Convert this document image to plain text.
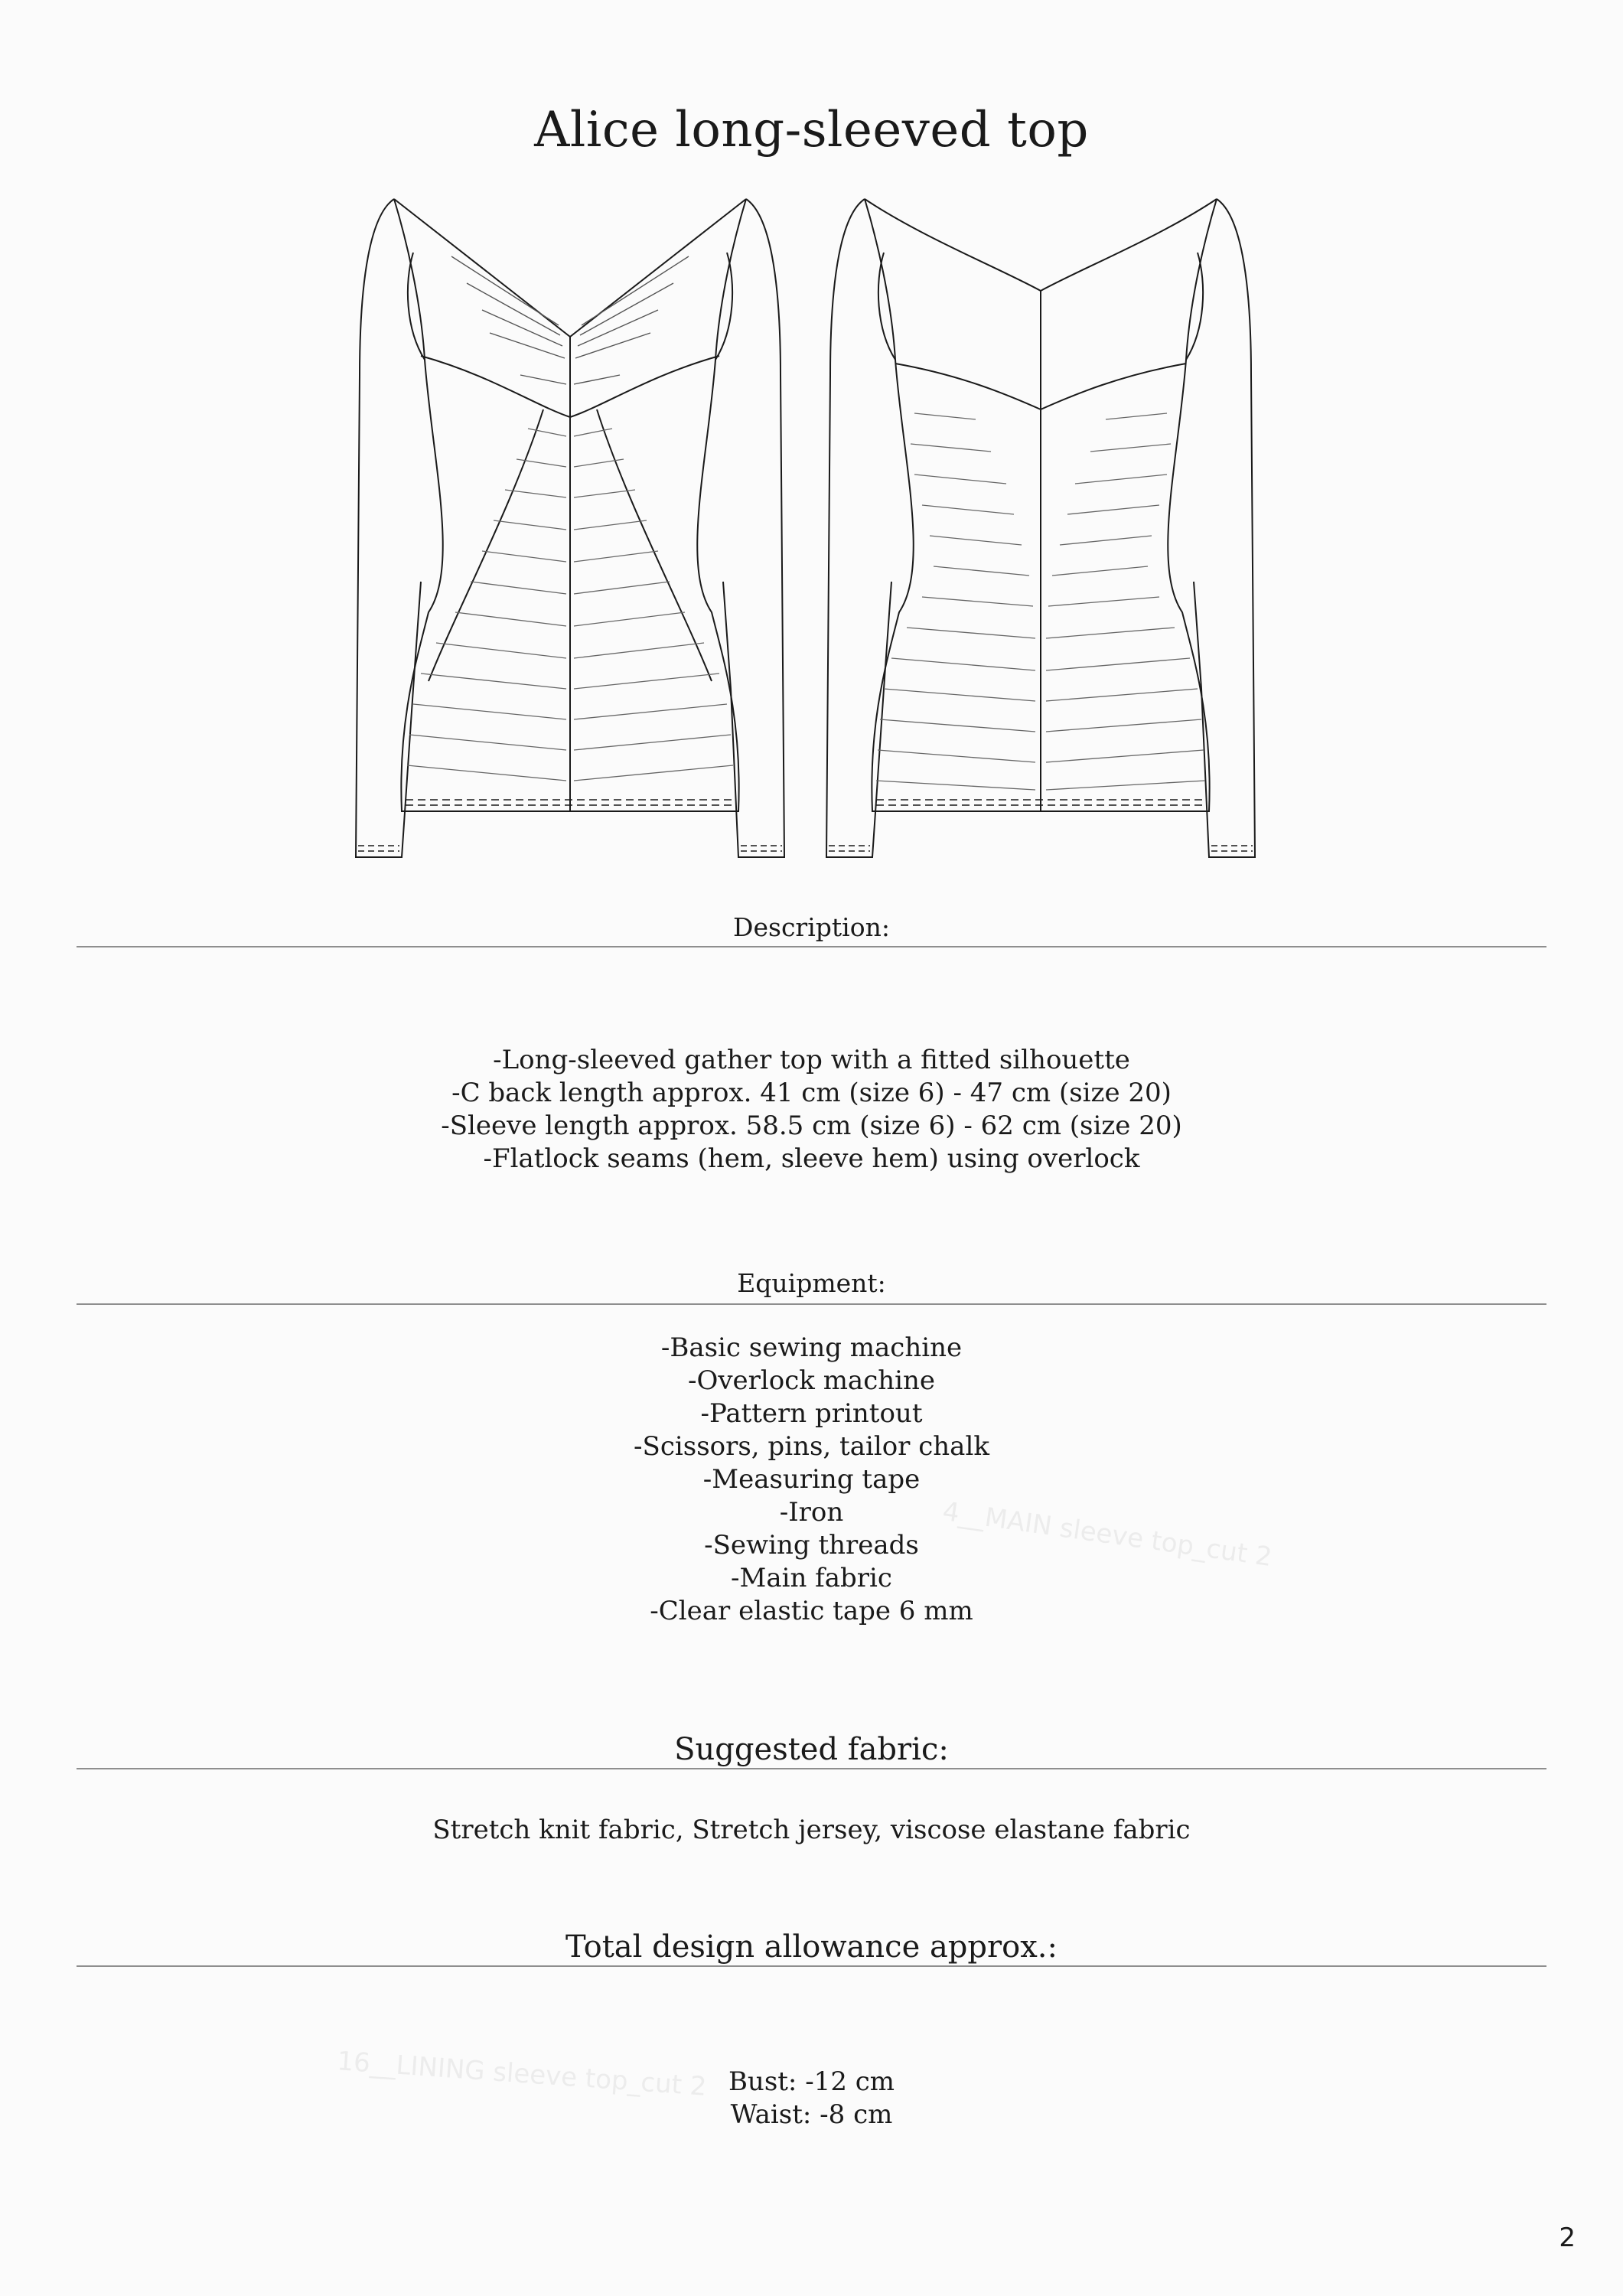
4__MAIN sleeve top_cut 2
16__LINING sleeve top_cut 2
Alice long-sleeved top
Description:
-Long-sleeved gather top with a fitted silhouette
-C back length approx. 41 cm (size 6) - 47 cm (size 20)
-Sleeve length approx. 58.5 cm (size 6) - 62 cm (size 20)
-Flatlock seams (hem, sleeve hem) using overlock
Equipment:
-Basic sewing machine
-Overlock machine
-Pattern printout
-Scissors, pins, tailor chalk
-Measuring tape
-Iron
-Sewing threads
-Main fabric
-Clear elastic tape 6 mm
Suggested fabric:
Stretch knit fabric, Stretch jersey, viscose elastane fabric
Total design allowance approx.:
Bust: -12 cm
Waist: -8 cm
2
